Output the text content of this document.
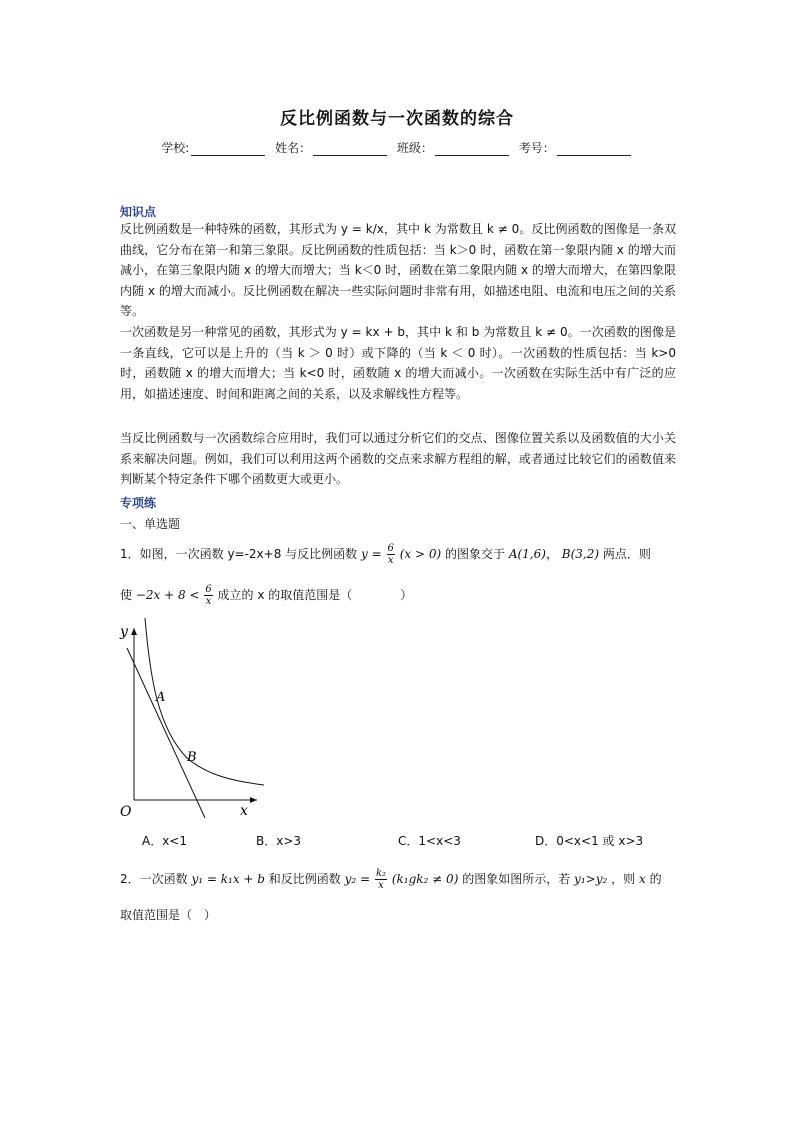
反比例函数与一次函数的综合
学校:	姓名：	班级：	考号：
知识点
反比例函数是一种特殊的函数，其形式为 y = k/x，其中 k 为常数且 k ≠ 0。反比例函数的图像是一条双曲线，它分布在第一和第三象限。反比例函数的性质包括：当 k＞0 时，函数在第一象限内随 x 的增大而减小，在第三象限内随 x 的增大而增大；当 k＜0 时，函数在第二象限内随 x 的增大而增大，在第四象限内随 x 的增大而减小。反比例函数在解决一些实际问题时非常有用，如描述电阻、电流和电压之间的关系等。
一次函数是另一种常见的函数，其形式为 y = kx + b，其中 k 和 b 为常数且 k ≠ 0。一次函数的图像是一条直线，它可以是上升的（当 k ＞ 0 时）或下降的（当 k ＜ 0 时）。一次函数的性质包括：当 k>0 时，函数随 x 的增大而增大；当 k<0 时，函数随 x 的增大而减小。一次函数在实际生活中有广泛的应用，如描述速度、时间和距离之间的关系，以及求解线性方程等。
当反比例函数与一次函数综合应用时，我们可以通过分析它们的交点、图像位置关系以及函数值的大小关系来解决问题。例如，我们可以利用这两个函数的交点来求解方程组的解，或者通过比较它们的函数值来判断某个特定条件下哪个函数更大或更小。
专项练
一、单选题
1．如图，一次函数 y=-2x+8 与反比例函数 $y = \frac{6}{x} (x > 0)$ 的图象交于 A(1,6)， B(3,2) 两点．则
使 $-2x + 8 < \frac{6}{x}$ 成立的 x 的取值范围是（　　　　）
y
x
O
A
B
A．x<1	B．x>3	C．1<x<3	D．0<x<1 或 x>3
2．一次函数 y₁ = k₁x + b 和反比例函数 $y_2 = \frac{\text{k₂}}{x} (k_1gk_2 \ne 0)$ 的图象如图所示，若 y₁>y₂ ，则 x 的
取值范围是（　）
